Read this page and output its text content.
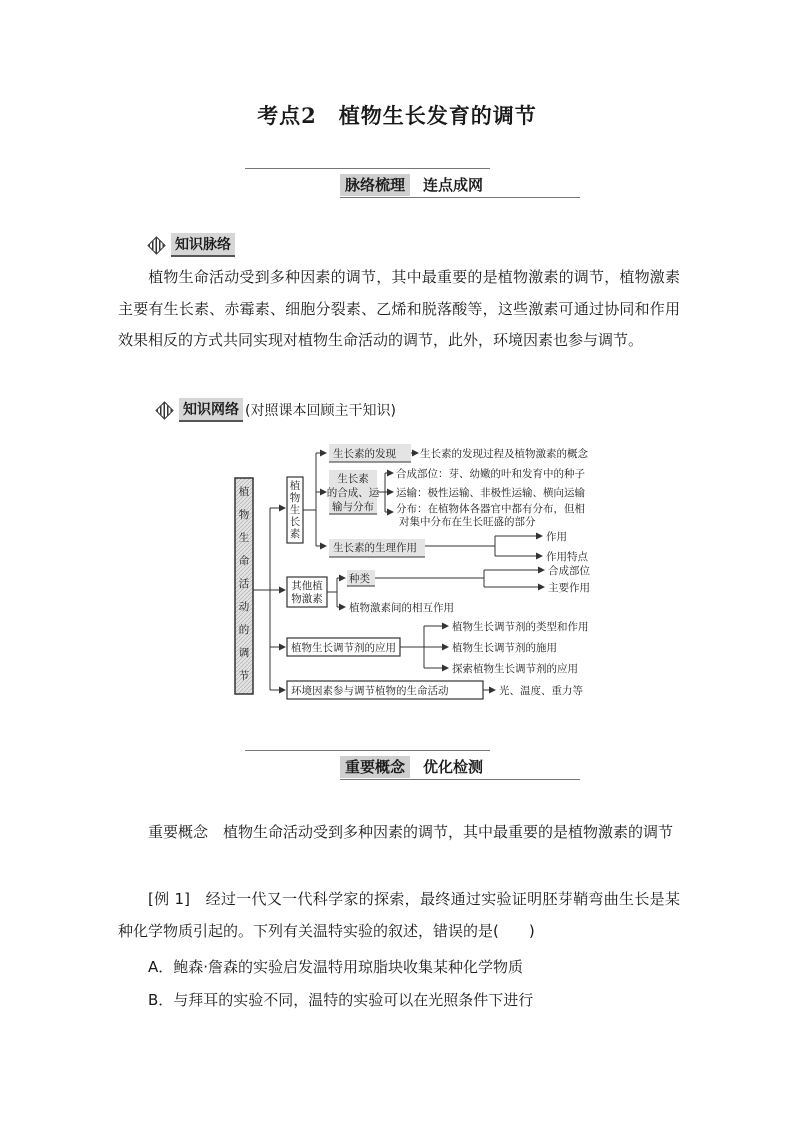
考点2　植物生长发育的调节
脉络梳理	连点成网
知识脉络
植物生命活动受到多种因素的调节，其中最重要的是植物激素的调节，植物激素主要有生长素、赤霉素、细胞分裂素、乙烯和脱落酸等，这些激素可通过协同和作用效果相反的方式共同实现对植物生命活动的调节，此外，环境因素也参与调节。
知识网络 (对照课本回顾主干知识)
植
物
生
命
活
动
的
调
节
植
物
生
长
素
生长素的发现 生长素的发现过程及植物激素的概念
生长素
的合成、运
输与分布
合成部位：芽、幼嫩的叶和发育中的种子
运输：极性运输、非极性运输、横向运输
分布：在植物体各器官中都有分布，但相
对集中分布在生长旺盛的部分
生长素的生理作用
作用
作用特点
其他植
物激素
种类
合成部位
主要作用
植物激素间的相互作用
植物生长调节剂的应用
植物生长调节剂的类型和作用
植物生长调节剂的施用
探索植物生长调节剂的应用
环境因素参与调节植物的生命活动	光、温度、重力等
重要概念	优化检测
重要概念　 植物生命活动受到多种因素的调节，其中最重要的是植物激素的调节
[例 1]　 经过一代又一代科学家的探索，最终通过实验证明胚芽鞘弯曲生长是某种化学物质引起的。下列有关温特实验的叙述，错误的是(　　)
A．鲍森·詹森的实验启发温特用琼脂块收集某种化学物质
B．与拜耳的实验不同，温特的实验可以在光照条件下进行
